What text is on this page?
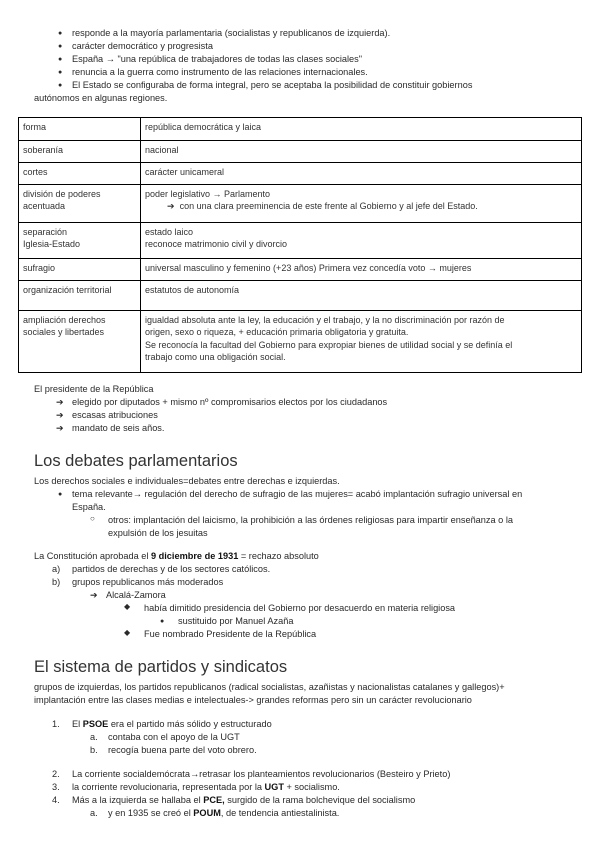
● responde a la mayoría parlamentaria (socialistas y republicanos de izquierda).
● carácter democrático y progresista
● España → "una república de trabajadores de todas las clases sociales"
● renuncia a la guerra como instrumento de las relaciones internacionales.
● El Estado se configuraba de forma integral, pero se aceptaba la posibilidad de constituir gobiernos
autónomos en algunas regiones.
forma	república democrática y laica
soberanía	nacional
cortes	carácter unicameral

división de poderes
acentuada	poder legislativo → Parlamento
➔ con una clara preeminencia de este frente al Gobierno y al jefe del Estado.

separación
Iglesia-Estado	estado laico
reconoce matrimonio civil y divorcio

sufragio	universal masculino y femenino (+23 años) Primera vez concedía voto → mujeres
organización territorial	estatutos de autonomía

ampliación derechos
sociales y libertades	igualdad absoluta ante la ley, la educación y el trabajo, y la no discriminación por razón de
origen, sexo o riqueza, + educación primaria obligatoria y gratuita.
Se reconocía la facultad del Gobierno para expropiar bienes de utilidad social y se definía el
trabajo como una obligación social.
El presidente de la República
➔ elegido por diputados + mismo nº compromisarios electos por los ciudadanos
➔ escasas atribuciones
➔ mandato de seis años.
Los debates parlamentarios
Los derechos sociales e individuales=debates entre derechas e izquierdas.
● tema relevante→ regulación del derecho de sufragio de las mujeres= acabó implantación sufragio universal en
España.
○ otros: implantación del laicismo, la prohibición a las órdenes religiosas para impartir enseñanza o la
expulsión de los jesuitas
La Constitución aprobada el 9 diciembre de 1931 = rechazo absoluto
a) partidos de derechas y de los sectores católicos.
b) grupos republicanos más moderados
➔ Alcalá-Zamora
◆ había dimitido presidencia del Gobierno por desacuerdo en materia religiosa
● sustituido por Manuel Azaña
◆ Fue nombrado Presidente de la República
El sistema de partidos y sindicatos
grupos de izquierdas, los partidos republicanos (radical socialistas, azañistas y nacionalistas catalanes y gallegos)+
implantación entre las clases medias e intelectuales-> grandes reformas pero sin un carácter revolucionario
1. El PSOE era el partido más sólido y estructurado
a. contaba con el apoyo de la UGT
b. recogía buena parte del voto obrero.
2. La corriente socialdemócrata→retrasar los planteamientos revolucionarios (Besteiro y Prieto)
3. la corriente revolucionaria, representada por la UGT + socialismo.
4. Más a la izquierda se hallaba el PCE, surgido de la rama bolchevique del socialismo
a. y en 1935 se creó el POUM, de tendencia antiestalinista.
